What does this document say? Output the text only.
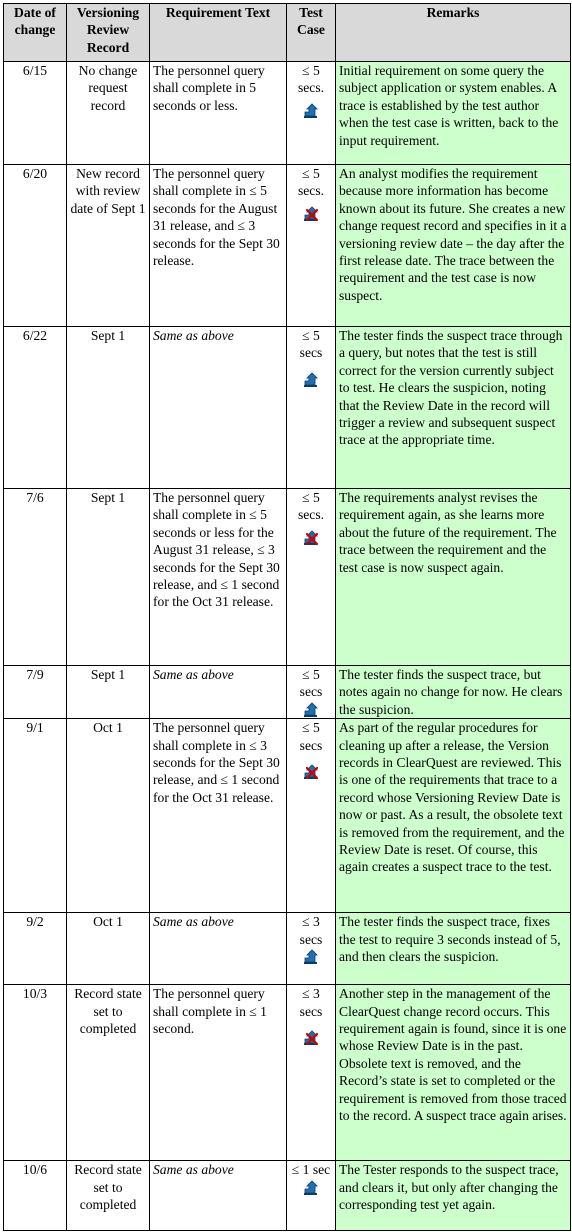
Date of change	Versioning Review Record	Requirement Text	Test Case	Remarks
6/15	No change request record	The personnel query shall complete in 5 seconds or less.	≤ 5 secs.	Initial requirement on some query the subject application or system enables. A trace is established by the test author when the test case is written, back to the input requirement.
6/20	New record with review date of Sept 1	The personnel query shall complete in ≤ 5 seconds for the August 31 release, and ≤ 3 seconds for the Sept 30 release.	≤ 5 secs.	An analyst modifies the requirement because more information has become known about its future. She creates a new change request record and specifies in it a versioning review date – the day after the first release date. The trace between the requirement and the test case is now suspect.
6/22	Sept 1	Same as above	≤ 5 secs	The tester finds the suspect trace through a query, but notes that the test is still correct for the version currently subject to test. He clears the suspicion, noting that the Review Date in the record will trigger a review and subsequent suspect trace at the appropriate time.
7/6	Sept 1	The personnel query shall complete in ≤ 5 seconds or less for the August 31 release, ≤ 3 seconds for the Sept 30 release, and ≤ 1 second for the Oct 31 release.	≤ 5 secs.	The requirements analyst revises the requirement again, as she learns more about the future of the requirement. The trace between the requirement and the test case is now suspect again.
7/9	Sept 1	Same as above	≤ 5 secs	The tester finds the suspect trace, but notes again no change for now. He clears the suspicion.
9/1	Oct 1	The personnel query shall complete in ≤ 3 seconds for the Sept 30 release, and ≤ 1 second for the Oct 31 release.	≤ 5 secs	As part of the regular procedures for cleaning up after a release, the Version records in ClearQuest are reviewed. This is one of the requirements that trace to a record whose Versioning Review Date is now or past. As a result, the obsolete text is removed from the requirement, and the Review Date is reset. Of course, this again creates a suspect trace to the test.
9/2	Oct 1	Same as above	≤ 3 secs	The tester finds the suspect trace, fixes the test to require 3 seconds instead of 5, and then clears the suspicion.
10/3	Record state set to completed	The personnel query shall complete in ≤ 1 second.	≤ 3 secs	Another step in the management of the ClearQuest change record occurs. This requirement again is found, since it is one whose Review Date is in the past. Obsolete text is removed, and the Record’s state is set to completed or the requirement is removed from those traced to the record. A suspect trace again arises.
10/6	Record state set to completed	Same as above	≤ 1 sec	The Tester responds to the suspect trace, and clears it, but only after changing the corresponding test yet again.
